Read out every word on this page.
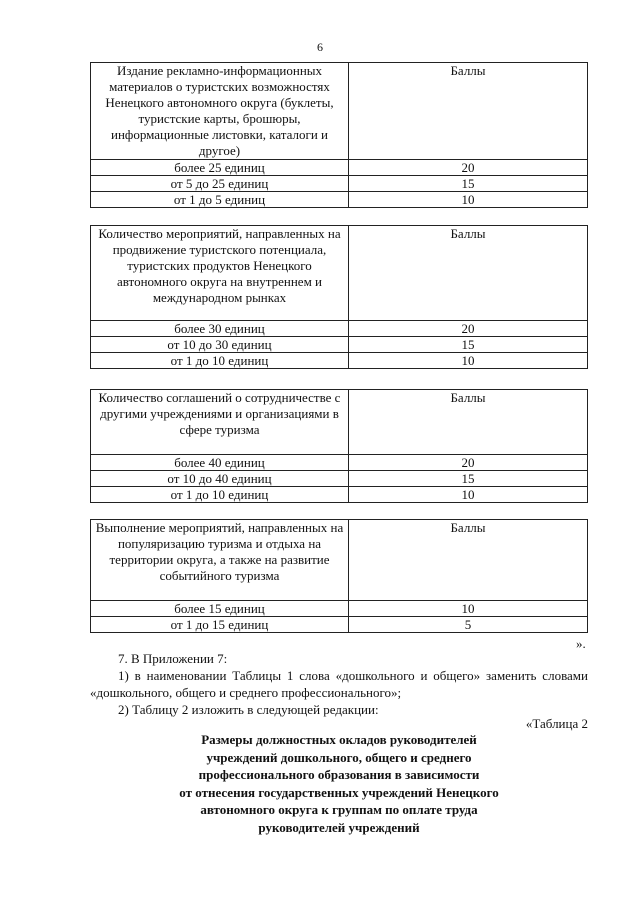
6
Издание рекламно-информационных материалов о туристских возможностях Ненецкого автономного округа (буклеты, туристские карты, брошюры, информационные листовки, каталоги и другое)	Баллы
более 25 единиц	20
от 5 до 25 единиц	15
от 1 до 5 единиц	10
Количество мероприятий, направленных на продвижение туристского потенциала, туристских продуктов Ненецкого автономного округа на внутреннем и международном рынках	Баллы
более 30 единиц	20
от 10 до 30 единиц	15
от 1 до 10 единиц	10
Количество соглашений о сотрудничестве с другими учреждениями и организациями в сфере туризма	Баллы
более 40 единиц	20
от 10 до 40 единиц	15
от 1 до 10 единиц	10
Выполнение мероприятий, направленных на популяризацию туризма и отдыха на территории округа, а также на развитие событийного туризма	Баллы
более 15 единиц	10
от 1 до 15 единиц	5
».
7. В Приложении 7:
1) в наименовании Таблицы 1 слова «дошкольного и общего» заменить словами «дошкольного, общего и среднего профессионального»;
2) Таблицу 2 изложить в следующей редакции:
«Таблица 2
Размеры должностных окладов руководителей
учреждений дошкольного, общего и среднего
профессионального образования в зависимости
от отнесения государственных учреждений Ненецкого
автономного округа к группам по оплате труда
руководителей учреждений
